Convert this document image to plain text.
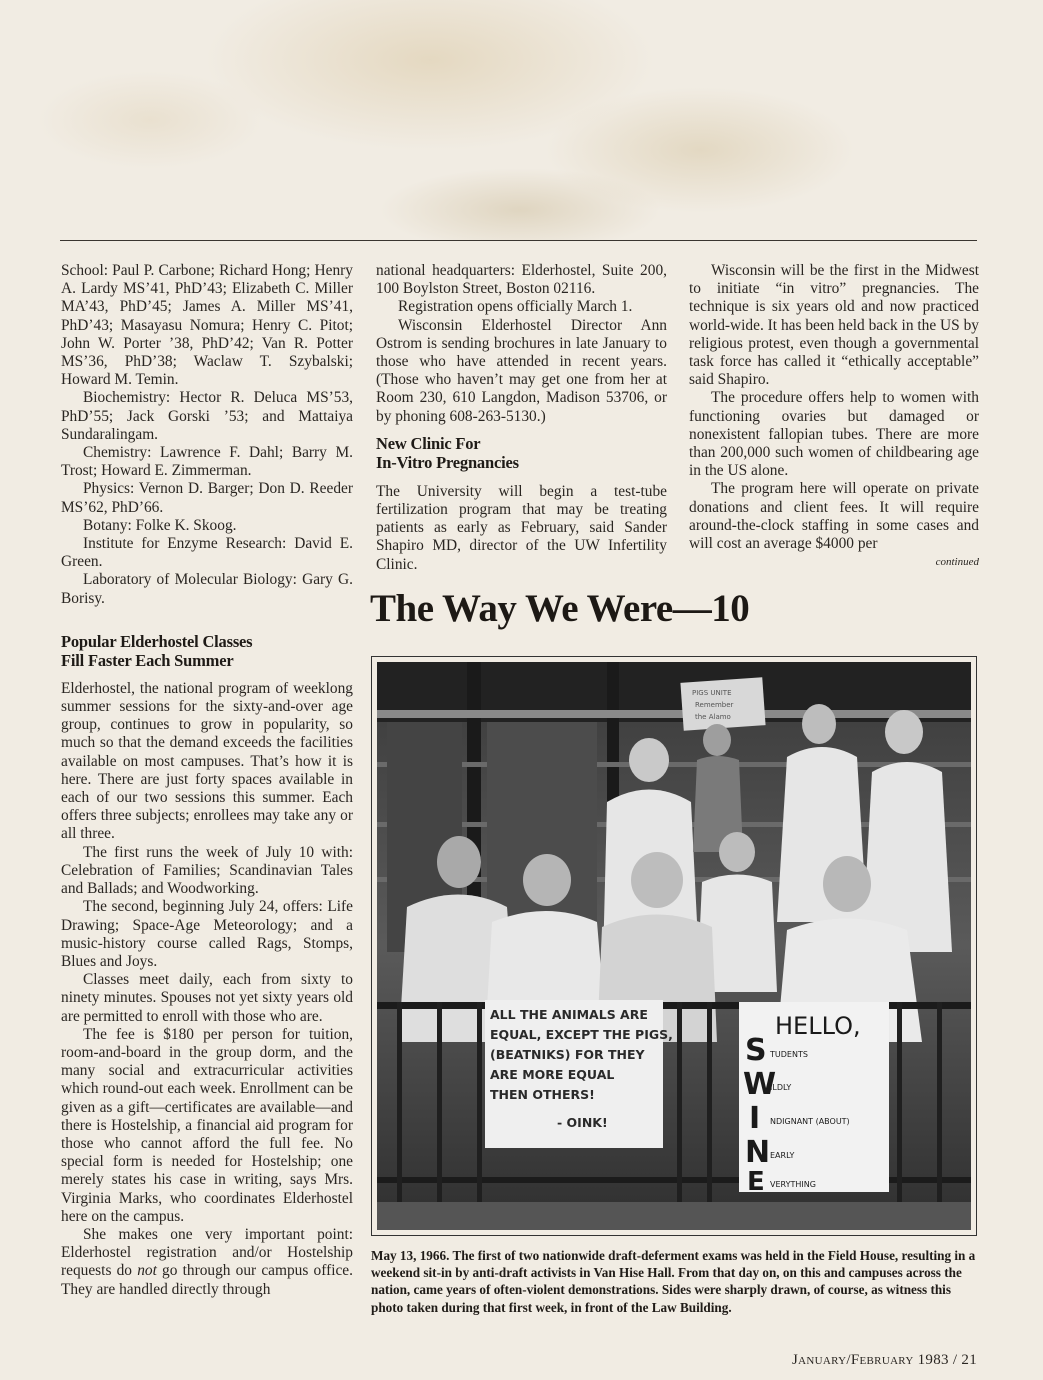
School: Paul P. Carbone; Richard Hong; Henry A. Lardy MS’41, PhD’43; Elizabeth C. Miller MA’43, PhD’45; James A. Miller MS’41, PhD’43; Masayasu Nomura; Henry C. Pitot; John W. Porter ’38, PhD’42; Van R. Potter MS’36, PhD’38; Waclaw T. Szybalski; Howard M. Temin.

Biochemistry: Hector R. Deluca MS’53, PhD’55; Jack Gorski ’53; and Mattaiya Sundaralingam.

Chemistry: Lawrence F. Dahl; Barry M. Trost; Howard E. Zimmerman.

Physics: Vernon D. Barger; Don D. Reeder MS’62, PhD’66.

Botany: Folke K. Skoog.

Institute for Enzyme Research: David E. Green.

Laboratory of Molecular Biology: Gary G. Borisy.

Popular Elderhostel Classes
Fill Faster Each Summer

Elderhostel, the national program of weeklong summer sessions for the sixty-and-over age group, continues to grow in popularity, so much so that the demand exceeds the facilities available on most campuses. That’s how it is here. There are just forty spaces available in each of our two sessions this summer. Each offers three subjects; enrollees may take any or all three.

The first runs the week of July 10 with: Celebration of Families; Scandinavian Tales and Ballads; and Woodworking.

The second, beginning July 24, offers: Life Drawing; Space-Age Meteorology; and a music-history course called Rags, Stomps, Blues and Joys.

Classes meet daily, each from sixty to ninety minutes. Spouses not yet sixty years old are permitted to enroll with those who are.

The fee is $180 per person for tuition, room-and-board in the group dorm, and the many social and extracurricular activities which round-out each week. Enrollment can be given as a gift—certificates are available—and there is Hostelship, a financial aid program for those who cannot afford the full fee. No special form is needed for Hostelship; one merely states his case in writing, says Mrs. Virginia Marks, who coordinates Elderhostel here on the campus.

She makes one very important point: Elderhostel registration and/or Hostelship requests do not go through our campus office. They are handled directly through

national headquarters: Elderhostel, Suite 200, 100 Boylston Street, Boston 02116.

Registration opens officially March 1.

Wisconsin Elderhostel Director Ann Ostrom is sending brochures in late January to those who have attended in recent years. (Those who haven’t may get one from her at Room 230, 610 Langdon, Madison 53706, or by phoning 608-263-5130.)

New Clinic For
In-Vitro Pregnancies

The University will begin a test-tube fertilization program that may be treating patients as early as February, said Sander Shapiro MD, director of the UW Infertility Clinic.

Wisconsin will be the first in the Midwest to initiate “in vitro” pregnancies. The technique is six years old and now practiced world-wide. It has been held back in the US by religious protest, even though a governmental task force has called it “ethically acceptable” said Shapiro.

The procedure offers help to women with functioning ovaries but damaged or nonexistent fallopian tubes. There are more than 200,000 such women of childbearing age in the US alone.

The program here will operate on private donations and client fees. It will require around-the-clock staffing in some cases and will cost an average $4000 per

continued
The Way We Were—10
PIGS UNITE
Remember
the Alamo
ALL THE ANIMALS ARE
EQUAL, EXCEPT THE PIGS,
(BEATNIKS) FOR THEY
ARE MORE EQUAL
THEN OTHERS!
- OINK!
HELLO,
S
W
I
N
E
TUDENTS
ILDLY
NDIGNANT (ABOUT)
EARLY
VERYTHING
May 13, 1966. The first of two nationwide draft-deferment exams was held in the Field House, resulting in a weekend sit-in by anti-draft activists in Van Hise Hall. From that day on, on this and campuses across the nation, came years of often-violent demonstrations. Sides were sharply drawn, of course, as witness this photo taken during that first week, in front of the Law Building.
January/February 1983 / 21
